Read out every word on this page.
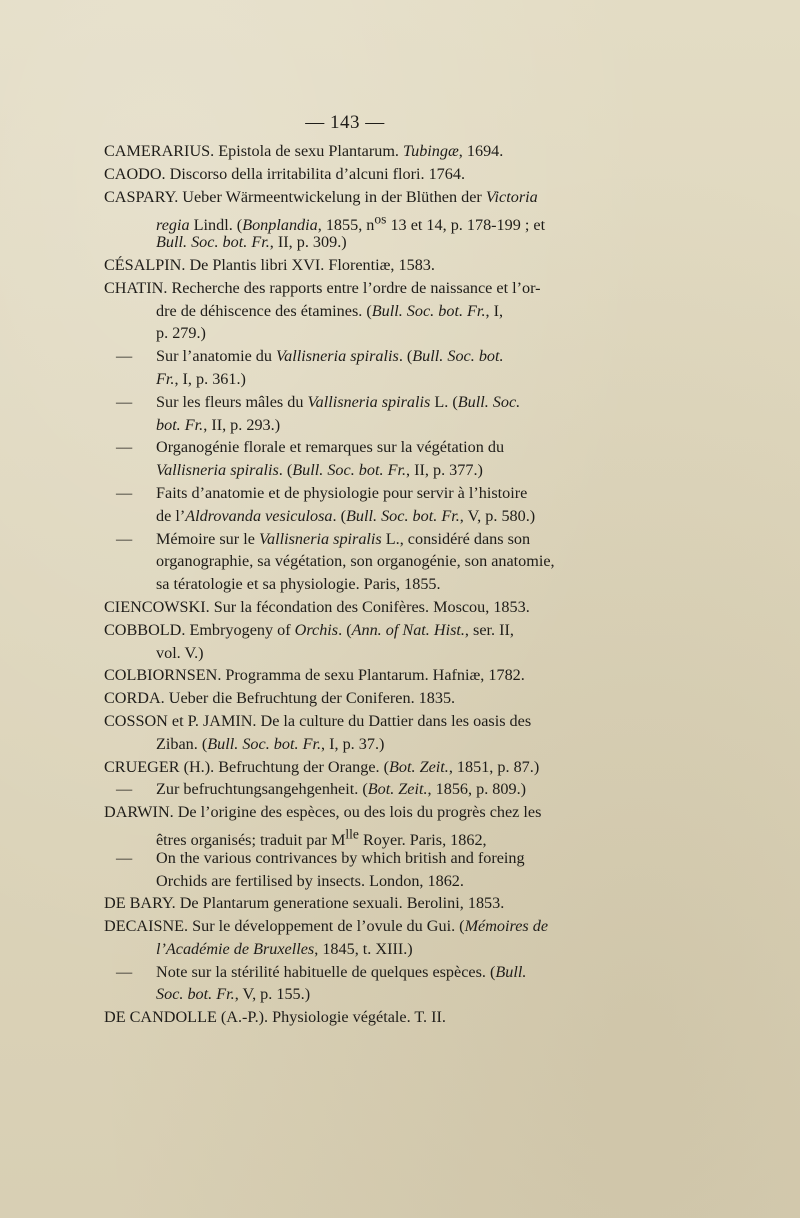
— 143 —
CAMERARIUS. Epistola de sexu Plantarum. Tubingæ, 1694.
CAODO. Discorso della irritabilita d’alcuni flori. 1764.
CASPARY. Ueber Wärmeentwickelung in der Blüthen der Victoria
regia Lindl. (Bonplandia, 1855, $n^{os}$ 13 et 14, p. 178-199 ; et
Bull. Soc. bot. Fr., II, p. 309.)
CÉSALPIN. De Plantis libri XVI. Florentiæ, 1583.
CHATIN. Recherche des rapports entre l’ordre de naissance et l’or-
dre de déhiscence des étamines. (Bull. Soc. bot. Fr., I,
p. 279.)
— Sur l’anatomie du Vallisneria spiralis. (Bull. Soc. bot.
Fr., I, p. 361.)
— Sur les fleurs mâles du Vallisneria spiralis L. (Bull. Soc.
bot. Fr., II, p. 293.)
— Organogénie florale et remarques sur la végétation du
Vallisneria spiralis. (Bull. Soc. bot. Fr., II, p. 377.)
— Faits d’anatomie et de physiologie pour servir à l’histoire
de l’Aldrovanda vesiculosa. (Bull. Soc. bot. Fr., V, p. 580.)
— Mémoire sur le Vallisneria spiralis L., considéré dans son
organographie, sa végétation, son organogénie, son anatomie,
sa tératologie et sa physiologie. Paris, 1855.
CIENCOWSKI. Sur la fécondation des Conifères. Moscou, 1853.
COBBOLD. Embryogeny of Orchis. (Ann. of Nat. Hist., ser. II,
vol. V.)
COLBIORNSEN. Programma de sexu Plantarum. Hafniæ, 1782.
CORDA. Ueber die Befruchtung der Coniferen. 1835.
COSSON et P. JAMIN. De la culture du Dattier dans les oasis des
Ziban. (Bull. Soc. bot. Fr., I, p. 37.)
CRUEGER (H.). Befruchtung der Orange. (Bot. Zeit., 1851, p. 87.)
— Zur befruchtungsangehgenheit. (Bot. Zeit., 1856, p. 809.)
DARWIN. De l’origine des espèces, ou des lois du progrès chez les
êtres organisés; traduit par $M^{lle}$ Royer. Paris, 1862,
— On the various contrivances by which british and foreing
Orchids are fertilised by insects. London, 1862.
DE BARY. De Plantarum generatione sexuali. Berolini, 1853.
DECAISNE. Sur le développement de l’ovule du Gui. (Mémoires de
l’Académie de Bruxelles, 1845, t. XIII.)
— Note sur la stérilité habituelle de quelques espèces. (Bull.
Soc. bot. Fr., V, p. 155.)
DE CANDOLLE (A.-P.). Physiologie végétale. T. II.
